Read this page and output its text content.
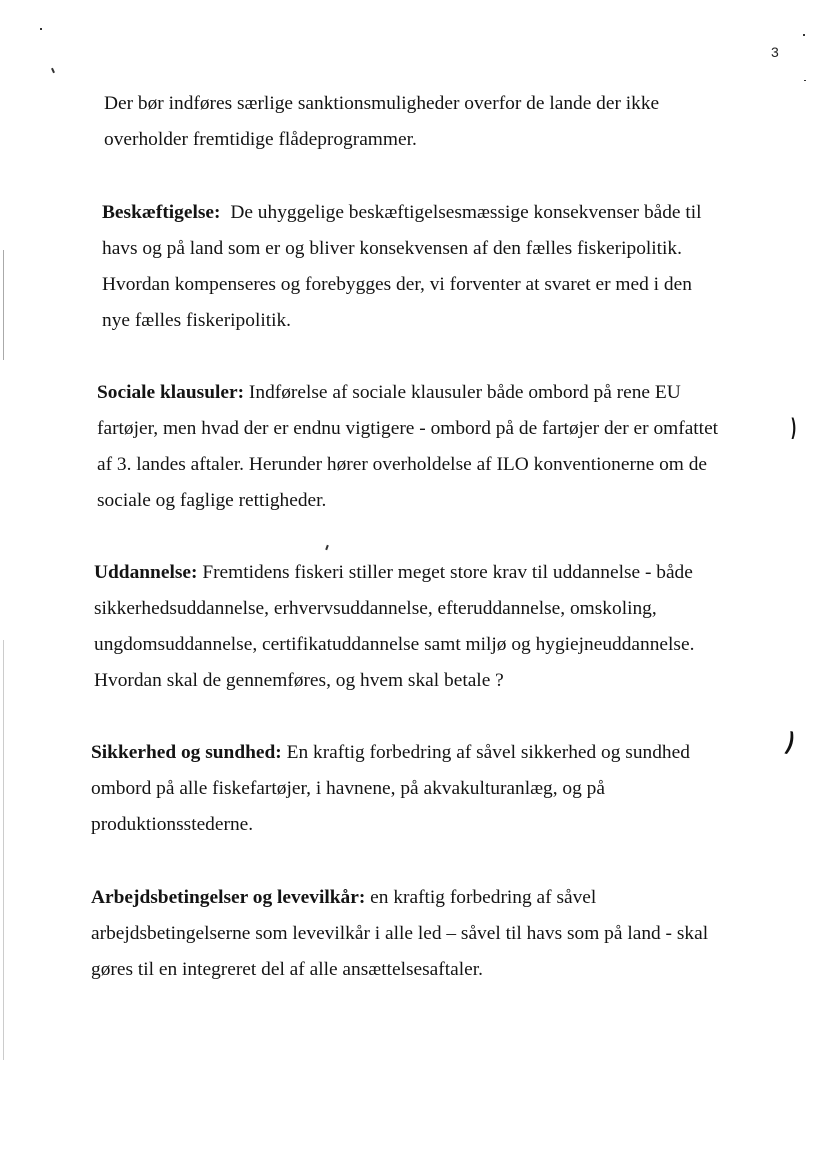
3

Der bør indføres særlige sanktionsmuligheder overfor de lande der ikke
overholder fremtidige flådeprogrammer.

Beskæftigelse: De uhyggelige beskæftigelsesmæssige konsekvenser både til
havs og på land som er og bliver konsekvensen af den fælles fiskeripolitik.
Hvordan kompenseres og forebygges der, vi forventer at svaret er med i den
nye fælles fiskeripolitik.

Sociale klausuler: Indførelse af sociale klausuler både ombord på rene EU
fartøjer, men hvad der er endnu vigtigere - ombord på de fartøjer der er omfattet
af 3. landes aftaler. Herunder hører overholdelse af ILO konventionerne om de
sociale og faglige rettigheder.

Uddannelse: Fremtidens fiskeri stiller meget store krav til uddannelse - både
sikkerhedsuddannelse, erhvervsuddannelse, efteruddannelse, omskoling,
ungdomsuddannelse, certifikatuddannelse samt miljø og hygiejneuddannelse.
Hvordan skal de gennemføres, og hvem skal betale ?

Sikkerhed og sundhed: En kraftig forbedring af såvel sikkerhed og sundhed
ombord på alle fiskefartøjer, i havnene, på akvakulturanlæg, og på
produktionsstederne.

Arbejdsbetingelser og levevilkår: en kraftig forbedring af såvel
arbejdsbetingelserne som levevilkår i alle led – såvel til havs som på land - skal
gøres til en integreret del af alle ansættelsesaftaler.

)
)
